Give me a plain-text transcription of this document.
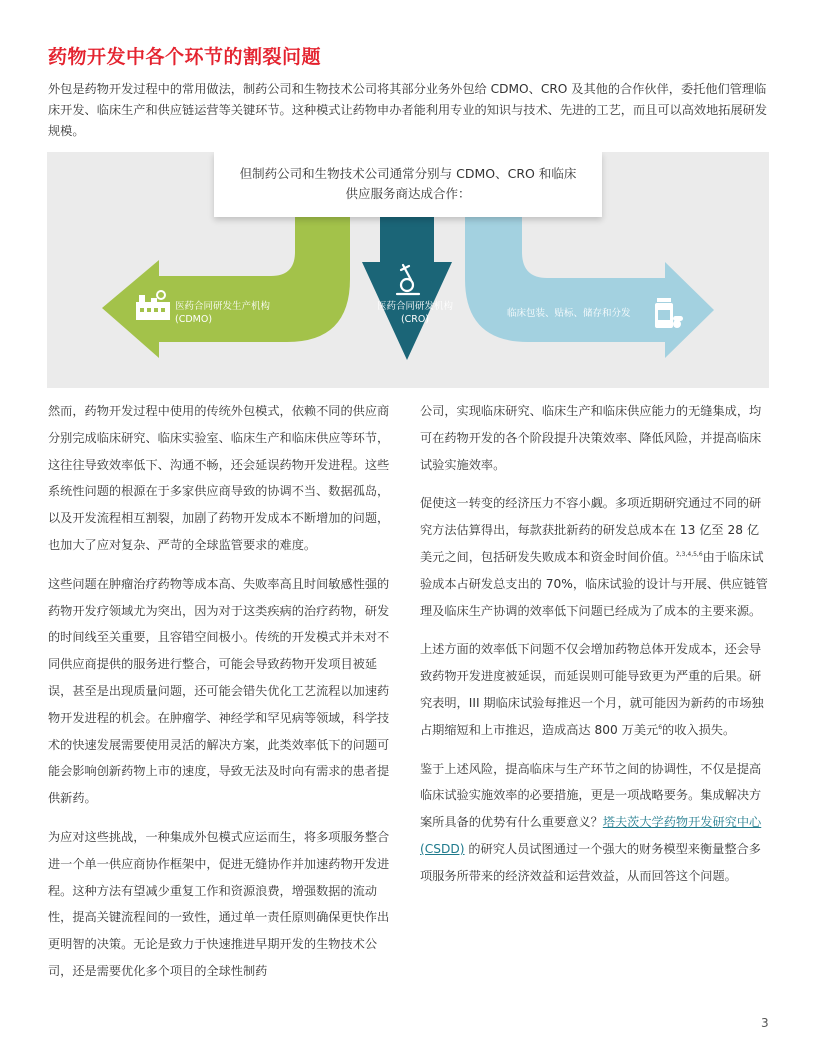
药物开发中各个环节的割裂问题

外包是药物开发过程中的常用做法，制药公司和生物技术公司将其部分业务外包给 CDMO、CRO 及其他的合作伙伴，委托他们管理临床开发、临床生产和供应链运营等关键环节。这种模式让药物申办者能利用专业的知识与技术、先进的工艺，而且可以高效地拓展研发规模。

但制药公司和生物技术公司通常分别与 CDMO、CRO 和临床
供应服务商达成合作：
医药合同研发生产机构
(CDMO)
医药合同研发机构
(CRO)
临床包装、贴标、储存和分发

然而，药物开发过程中使用的传统外包模式，依赖不同的供应商分别完成临床研究、临床实验室、临床生产和临床供应等环节，这往往导致效率低下、沟通不畅，还会延误药物开发进程。这些系统性问题的根源在于多家供应商导致的协调不当、数据孤岛，以及开发流程相互割裂，加剧了药物开发成本不断增加的问题，也加大了应对复杂、严苛的全球监管要求的难度。

这些问题在肿瘤治疗药物等成本高、失败率高且时间敏感性强的药物开发疗领域尤为突出，因为对于这类疾病的治疗药物，研发的时间线至关重要，且容错空间极小。传统的开发模式并未对不同供应商提供的服务进行整合，可能会导致药物开发项目被延误，甚至是出现质量问题，还可能会错失优化工艺流程以加速药物开发进程的机会。在肿瘤学、神经学和罕见病等领域，科学技术的快速发展需要使用灵活的解决方案，此类效率低下的问题可能会影响创新药物上市的速度，导致无法及时向有需求的患者提供新药。

为应对这些挑战，一种集成外包模式应运而生，将多项服务整合进一个单一供应商协作框架中，促进无缝协作并加速药物开发进程。这种方法有望减少重复工作和资源浪费，增强数据的流动性，提高关键流程间的一致性，通过单一责任原则确保更快作出更明智的决策。无论是致力于快速推进早期开发的生物技术公司，还是需要优化多个项目的全球性制药

公司，实现临床研究、临床生产和临床供应能力的无缝集成，均可在药物开发的各个阶段提升决策效率、降低风险，并提高临床试验实施效率。

促使这一转变的经济压力不容小觑。多项近期研究通过不同的研究方法估算得出，每款获批新药的研发总成本在 13 亿至 28 亿美元之间，包括研发失败成本和资金时间价值。$^{2,3,4,5,6}$由于临床试验成本占研发总支出的 70%，临床试验的设计与开展、供应链管理及临床生产协调的效率低下问题已经成为了成本的主要来源。

上述方面的效率低下问题不仅会增加药物总体开发成本，还会导致药物开发进度被延误，而延误则可能导致更为严重的后果。研究表明，III 期临床试验每推迟一个月，就可能因为新药的市场独占期缩短和上市推迟，造成高达 800 万美元$^6$的收入损失。

鉴于上述风险，提高临床与生产环节之间的协调性，不仅是提高临床试验实施效率的必要措施，更是一项战略要务。集成解决方案所具备的优势有什么重要意义？塔夫茨大学药物开发研究中心 (CSDD) 的研究人员试图通过一个强大的财务模型来衡量整合多项服务所带来的经济效益和运营效益，从而回答这个问题。

3
